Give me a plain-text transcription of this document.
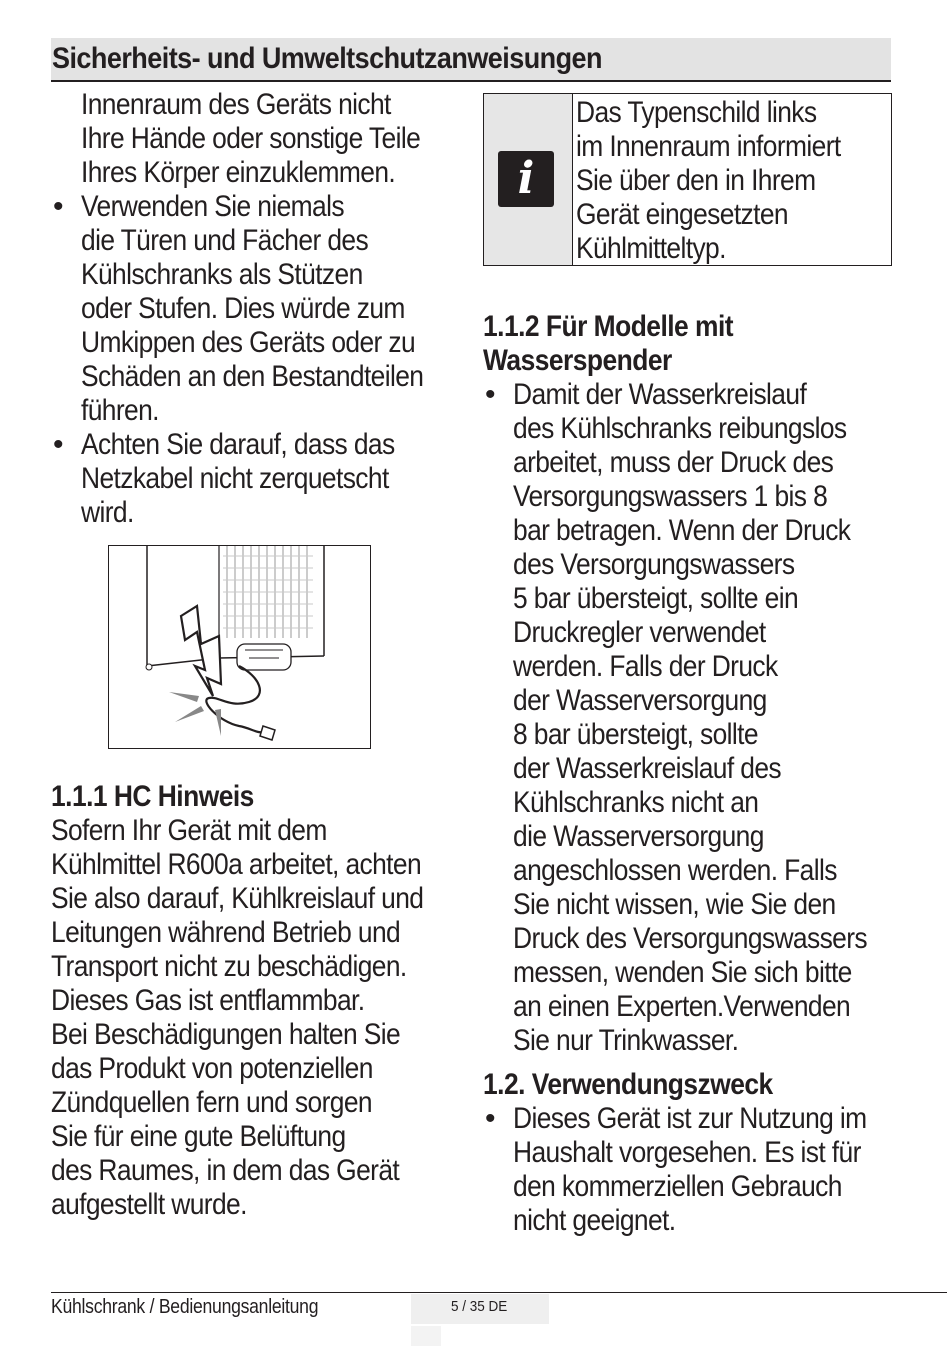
Sicherheits- und Umweltschutzanweisungen

Innenraum des Geräts nicht

Ihre Hände oder sonstige Teile

Ihres Körper einzuklemmen.

• Verwenden Sie niemals

die Türen und Fächer des

Kühlschranks als Stützen

oder Stufen. Dies würde zum

Umkippen des Geräts oder zu

Schäden an den Bestandteilen

führen.

• Achten Sie darauf, dass das

Netzkabel nicht zerquetscht

wird.

1.1.1 HC Hinweis

Sofern Ihr Gerät mit dem

Kühlmittel R600a arbeitet, achten

Sie also darauf, Kühlkreislauf und

Leitungen während Betrieb und

Transport nicht zu beschädigen.

Dieses Gas ist entflammbar.

Bei Beschädigungen halten Sie

das Produkt von potenziellen

Zündquellen fern und sorgen

Sie für eine gute Belüftung

des Raumes, in dem das Gerät

aufgestellt wurde.

i

Das Typenschild links

im Innenraum informiert

Sie über den in Ihrem

Gerät eingesetzten

Kühlmitteltyp.

1.1.2 Für Modelle mit

Wasserspender

• Damit der Wasserkreislauf

des Kühlschranks reibungslos

arbeitet, muss der Druck des

Versorgungswassers 1 bis 8

bar betragen. Wenn der Druck

des Versorgungswassers

5 bar übersteigt, sollte ein

Druckregler verwendet

werden. Falls der Druck

der Wasserversorgung

8 bar übersteigt, sollte

der Wasserkreislauf des

Kühlschranks nicht an

die Wasserversorgung

angeschlossen werden. Falls

Sie nicht wissen, wie Sie den

Druck des Versorgungswassers

messen, wenden Sie sich bitte

an einen Experten.Verwenden

Sie nur Trinkwasser.

1.2. Verwendungszweck

• Dieses Gerät ist zur Nutzung im

Haushalt vorgesehen. Es ist für

den kommerziellen Gebrauch

nicht geeignet.

Kühlschrank / Bedienungsanleitung	5 / 35 DE
